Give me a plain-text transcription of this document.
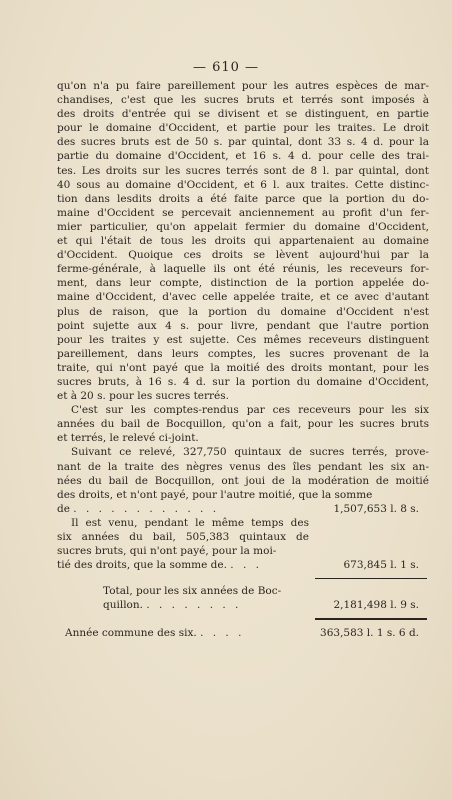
— 610 —
qu'on n'a pu faire pareillement pour les autres espèces de mar-
chandises, c'est que les sucres bruts et terrés sont imposés à
des droits d'entrée qui se divisent et se distinguent, en partie
pour le domaine d'Occident, et partie pour les traites. Le droit
des sucres bruts est de 50 s. par quintal, dont 33 s. 4 d. pour la
partie du domaine d'Occident, et 16 s. 4 d. pour celle des trai-
tes. Les droits sur les sucres terrés sont de 8 l. par quintal, dont
40 sous au domaine d'Occident, et 6 l. aux traites. Cette distinc-
tion dans lesdits droits a été faite parce que la portion du do-
maine d'Occident se percevait anciennement au profit d'un fer-
mier particulier, qu'on appelait fermier du domaine d'Occident,
et qui l'était de tous les droits qui appartenaient au domaine
d'Occident. Quoique ces droits se lèvent aujourd'hui par la
ferme-générale, à laquelle ils ont été réunis, les receveurs for-
ment, dans leur compte, distinction de la portion appelée do-
maine d'Occident, d'avec celle appelée traite, et ce avec d'autant
plus de raison, que la portion du domaine d'Occident n'est
point sujette aux 4 s. pour livre, pendant que l'autre portion
pour les traites y est sujette. Ces mêmes receveurs distinguent
pareillement, dans leurs comptes, les sucres provenant de la
traite, qui n'ont payé que la moitié des droits montant, pour les
sucres bruts, à 16 s. 4 d. sur la portion du domaine d'Occident,
et à 20 s. pour les sucres terrés.
C'est sur les comptes-rendus par ces receveurs pour les six
années du bail de Bocquillon, qu'on a fait, pour les sucres bruts
et terrés, le relevé ci-joint.
Suivant ce relevé, 327,750 quintaux de sucres terrés, prove-
nant de la traite des nègres venus des îles pendant les six an-
nées du bail de Bocquillon, ont joui de la modération de moitié
des droits, et n'ont payé, pour l'autre moitié, que la somme
de . . . . . . . . . . . .	1,507,653 l. 8 s.
Il est venu, pendant le même temps des
six années du bail, 505,383 quintaux de
sucres bruts, qui n'ont payé, pour la moi-
tié des droits, que la somme de. . . .	673,845 l. 1 s.
Total, pour les six années de Boc-
quillon. . . . . . . . .	2,181,498 l. 9 s.
Année commune des six. . . . .	363,583 l. 1 s. 6 d.
